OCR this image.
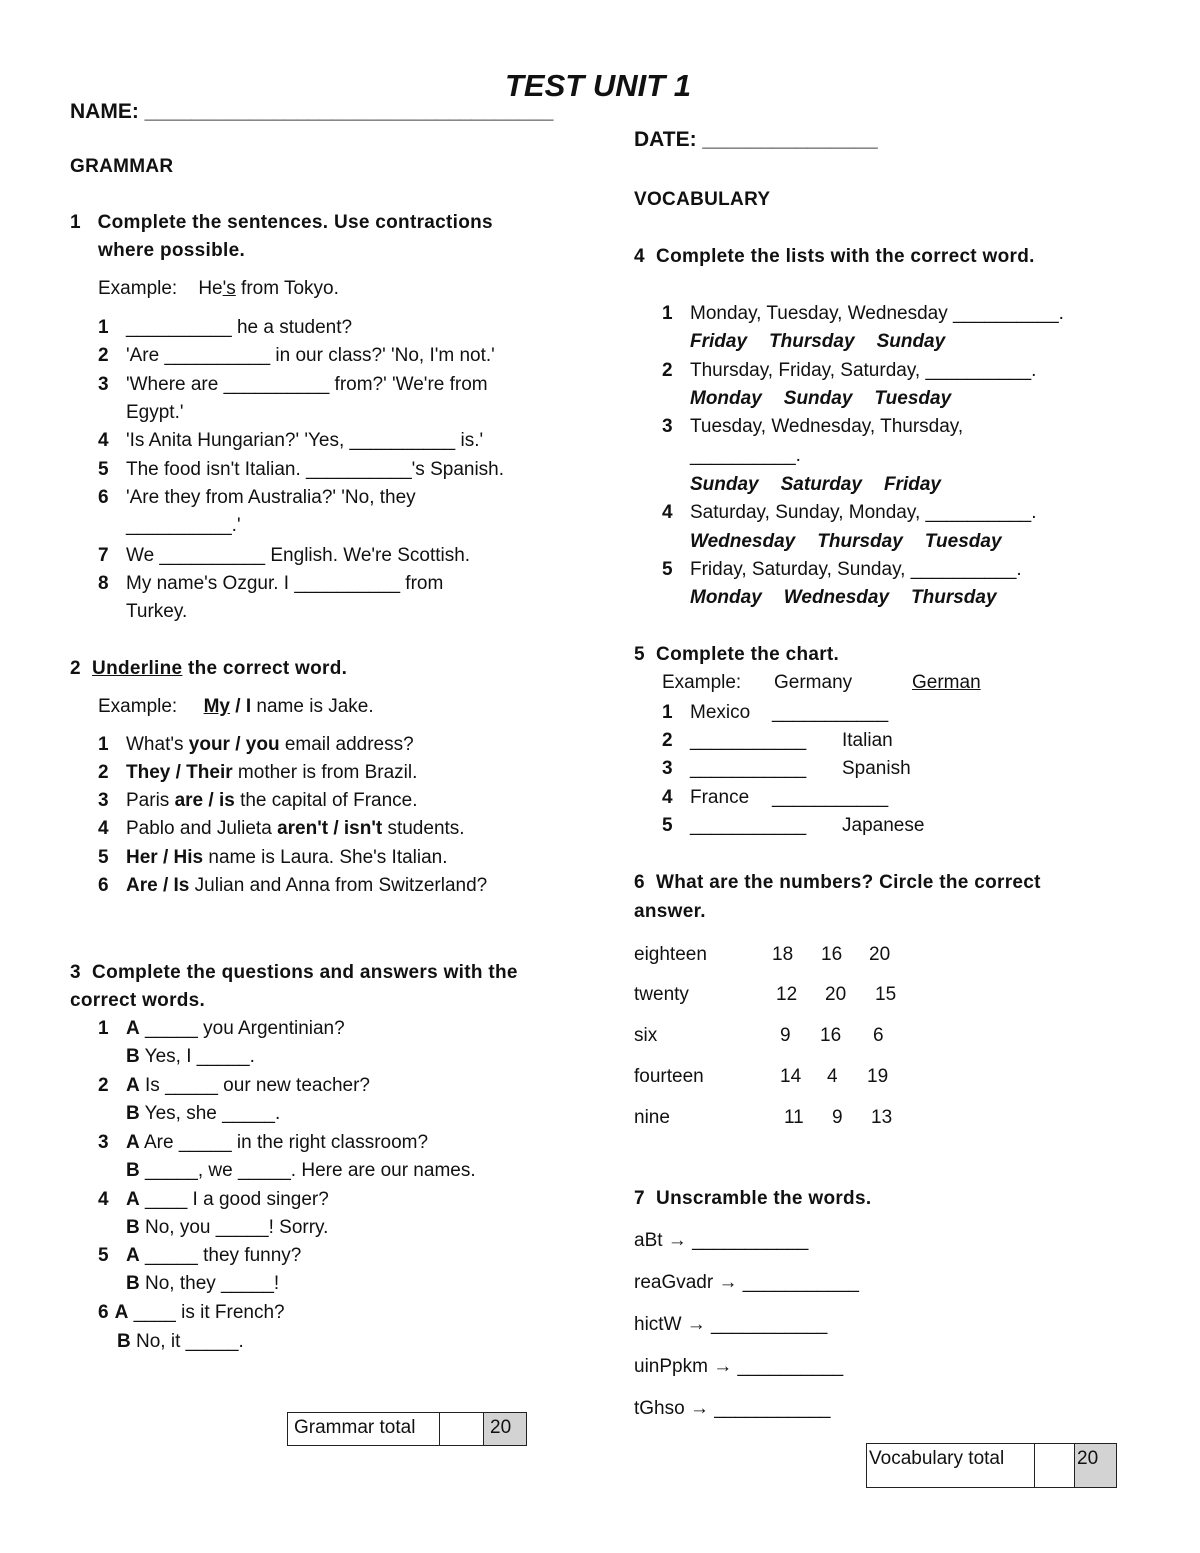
TEST UNIT 1
NAME: ___________________________________
DATE: _______________
GRAMMAR
1 Complete the sentences. Use contractions
where possible.
Example: He's from Tokyo.
1 __________ he a student?
2 'Are __________ in our class?' 'No, I'm not.'
3 'Where are __________ from?' 'We're from
Egypt.'
4 'Is Anita Hungarian?' 'Yes, __________ is.'
5 The food isn't Italian. __________'s Spanish.
6 'Are they from Australia?' 'No, they
__________.'
7 We __________ English. We're Scottish.
8 My name's Ozgur. I __________ from
Turkey.
2 Underline the correct word.
Example: My / I name is Jake.
1 What's your / you email address?
2 They / Their mother is from Brazil.
3 Paris are / is the capital of France.
4 Pablo and Julieta aren't / isn't students.
5 Her / His name is Laura. She's Italian.
6 Are / Is Julian and Anna from Switzerland?
3 Complete the questions and answers with the
correct words.
1 A _____ you Argentinian?
B Yes, I _____.
2 A Is _____ our new teacher?
B Yes, she _____.
3 A Are _____ in the right classroom?
B _____, we _____. Here are our names.
4 A ____ I a good singer?
B No, you _____! Sorry.
5 A _____ they funny?
B No, they _____!
6 A ____ is it French?
B No, it _____.
Grammar total	20
VOCABULARY
4 Complete the lists with the correct word.
1 Monday, Tuesday, Wednesday __________.
Friday Thursday Sunday
2 Thursday, Friday, Saturday, __________.
Monday Sunday Tuesday
3 Tuesday, Wednesday, Thursday,
__________.
Sunday Saturday Friday
4 Saturday, Sunday, Monday, __________.
Wednesday Thursday Tuesday
5 Friday, Saturday, Sunday, __________.
Monday Wednesday Thursday
5 Complete the chart.
Example: Germany	German
1 Mexico ___________
2 ___________ Italian
3 ___________ Spanish
4 France ___________
5 ___________ Japanese
6 What are the numbers? Circle the correct
answer.
eighteen	18 16 20
twenty	12 20 15
six	9 16 6
fourteen	14 4 19
nine	11 9 13
7 Unscramble the words.
aBt → ___________
reaGvadr → ___________
hictW → ___________
uinPpkm → __________
tGhso → ___________
Vocabulary total	20
